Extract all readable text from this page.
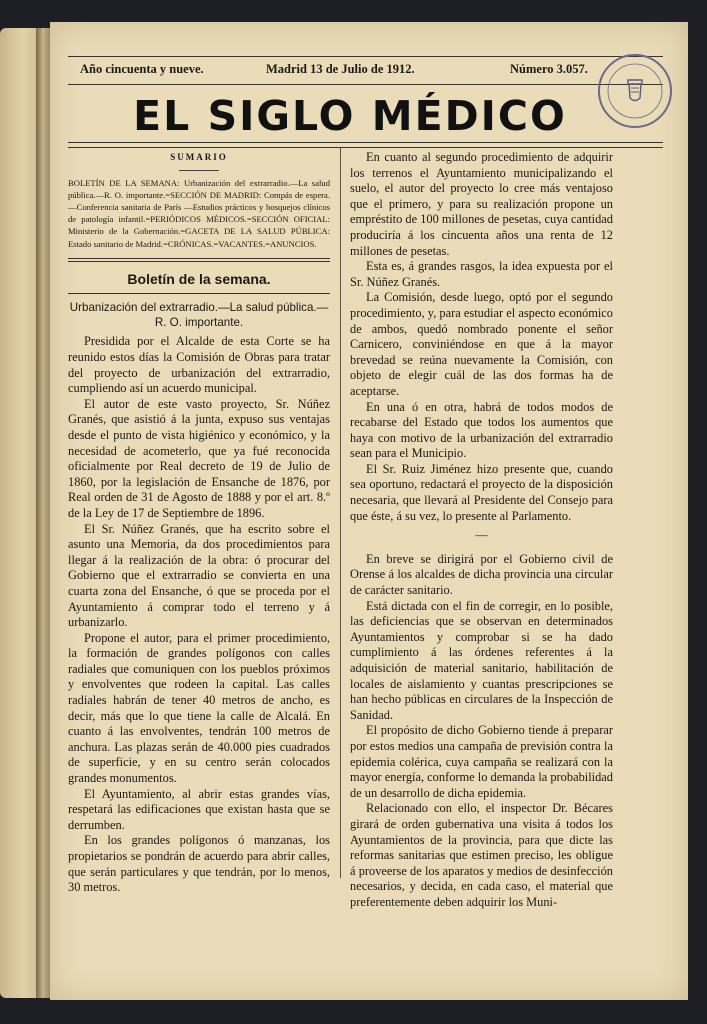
Año cincuenta y nueve.	Madrid 13 de Julio de 1912.	Número 3.057.
EL SIGLO MÉDICO

SUMARIO

BOLETÍN DE LA SEMANA: Urbanización del extrarradio.—La salud pública.—R. O. importante.=SECCIÓN DE MADRID: Compás de espera.—Conferencia sanitaria de París —Estudios prácticos y bosquejos clínicos de patología infantil.=PERIÓDICOS MÉDICOS.=SECCIÓN OFICIAL: Ministerio de la Gobernación.=GACETA DE LA SALUD PÚBLICA: Estado sanitario de Madrid.=CRÓNICAS.=VACANTES.=ANUNCIOS.

Boletín de la semana.

Urbanización del extrarradio.—La salud pública.— R. O. importante.

Presidida por el Alcalde de esta Corte se ha reunido estos días la Comisión de Obras para tratar del proyecto de urbanización del extrarradio, cumpliendo así un acuerdo municipal.

El autor de este vasto proyecto, Sr. Núñez Granés, que asistió á la junta, expuso sus ventajas desde el punto de vista higiénico y económico, y la necesidad de acometerlo, que ya fué reconocida oficialmente por Real decreto de 19 de Julio de 1860, por la legislación de Ensanche de 1876, por Real orden de 31 de Agosto de 1888 y por el art. 8.º de la Ley de 17 de Septiembre de 1896.

El Sr. Núñez Granés, que ha escrito sobre el asunto una Memoria, da dos procedimientos para llegar á la realización de la obra: ó procurar del Gobierno que el extrarradio se convierta en una cuarta zona del Ensanche, ó que se proceda por el Ayuntamiento á comprar todo el terreno y á urbanizarlo.

Propone el autor, para el primer procedimiento, la formación de grandes polígonos con calles radiales que comuniquen con los pueblos próximos y envolventes que rodeen la capital. Las calles radiales habrán de tener 40 metros de ancho, es decir, más que lo que tiene la calle de Alcalá. En cuanto á las envolventes, tendrán 100 metros de anchura. Las plazas serán de 40.000 pies cuadrados de superficie, y en su centro serán colocados grandes monumentos.

El Ayuntamiento, al abrir estas grandes vías, respetará las edificaciones que existan hasta que se derrumben.

En los grandes polígonos ó manzanas, los propietarios se pondrán de acuerdo para abrir calles, que serán particulares y que tendrán, por lo menos, 30 metros.

En cuanto al segundo procedimiento de adquirir los terrenos el Ayuntamiento municipalizando el suelo, el autor del proyecto lo cree más ventajoso que el primero, y para su realización propone un empréstito de 100 millones de pesetas, cuya cantidad produciría á los cincuenta años una renta de 12 millones de pesetas.

Esta es, á grandes rasgos, la idea expuesta por el Sr. Núñez Granés.

La Comisión, desde luego, optó por el segundo procedimiento, y, para estudiar el aspecto económico de ambos, quedó nombrado ponente el señor Carnicero, conviniéndose en que á la mayor brevedad se reúna nuevamente la Comisión, con objeto de elegir cuál de las dos formas ha de aceptarse.

En una ó en otra, habrá de todos modos de recabarse del Estado que todos los aumentos que haya con motivo de la urbanización del extrarradio sean para el Municipio.

El Sr. Ruiz Jiménez hizo presente que, cuando sea oportuno, redactará el proyecto de la disposición necesaria, que llevará al Presidente del Consejo para que éste, á su vez, lo presente al Parlamento.

—

En breve se dirigirá por el Gobierno civil de Orense á los alcaldes de dicha provincia una circular de carácter sanitario.

Está dictada con el fin de corregir, en lo posible, las deficiencias que se observan en determinados Ayuntamientos y comprobar si se ha dado cumplimiento á las órdenes referentes á la adquisición de material sanitario, habilitación de locales de aislamiento y cuantas prescripciones se han hecho públicas en circulares de la Inspección de Sanidad.

El propósito de dicho Gobierno tiende á preparar por estos medios una campaña de previsión contra la epidemia colérica, cuya campaña se realizará con la mayor energía, conforme lo demanda la probabilidad de un desarrollo de dicha epidemia.

Relacionado con ello, el inspector Dr. Bécares girará de orden gubernativa una visita á todos los Ayuntamientos de la provincia, para que dicte las reformas sanitarias que estimen preciso, les obligue á proveerse de los aparatos y medios de desinfección necesarios, y decida, en cada caso, el material que preferentemente deben adquirir los Muni-
